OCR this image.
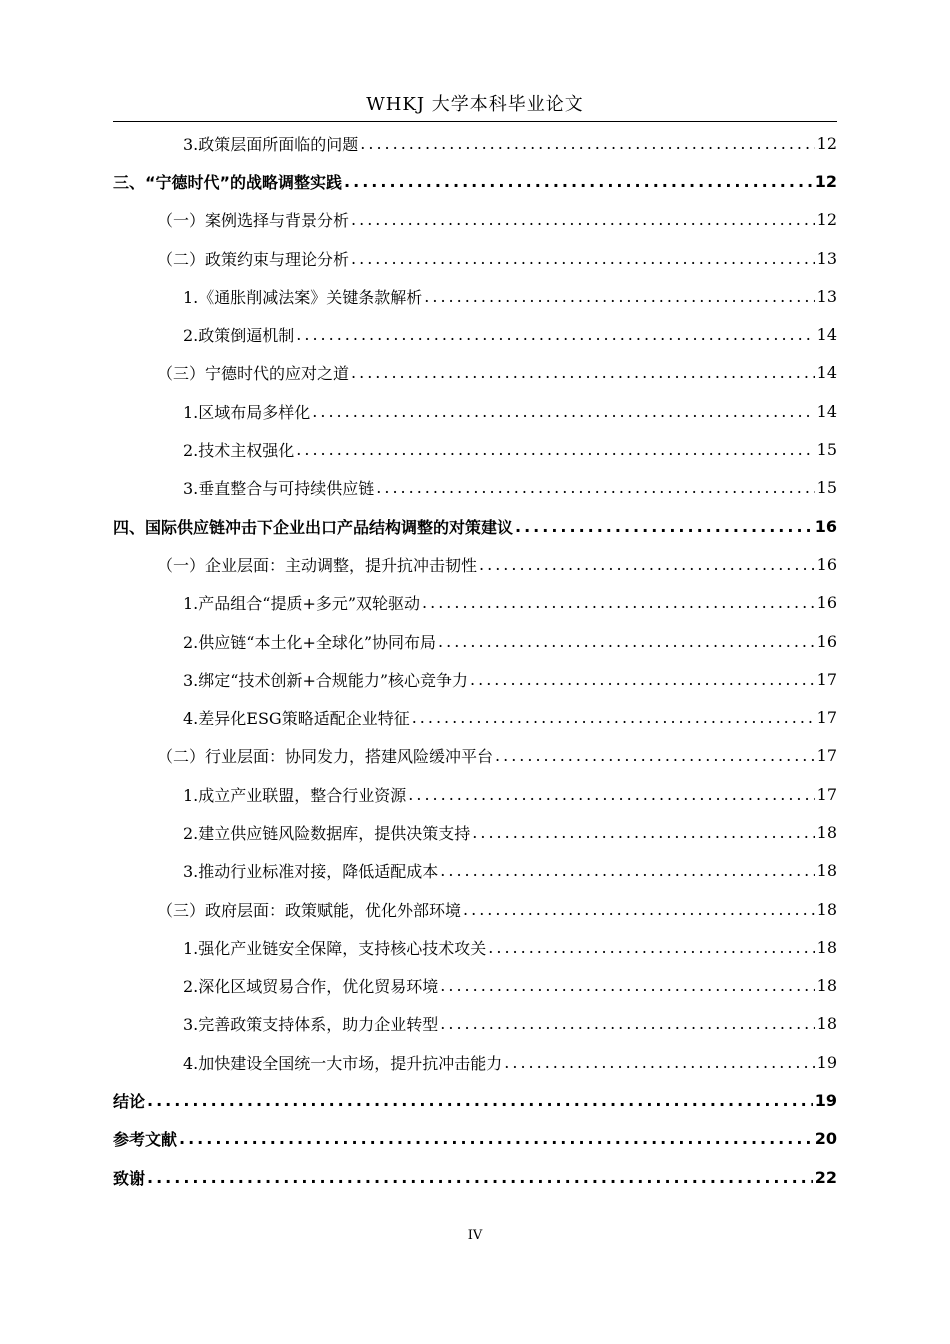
WHKJ 大学本科毕业论文
3.政策层面所面临的问题 .....	12
三、“宁德时代”的战略调整实践 .....	12
（一）案例选择与背景分析 .....	12
（二）政策约束与理论分析 .....	13
1.《通胀削减法案》关键条款解析 .....	13
2.政策倒逼机制 .....	14
（三）宁德时代的应对之道 .....	14
1.区域布局多样化 .....	14
2.技术主权强化 .....	15
3.垂直整合与可持续供应链 .....	15
四、国际供应链冲击下企业出口产品结构调整的对策建议 .....	16
（一）企业层面：主动调整，提升抗冲击韧性 .....	16
1.产品组合“提质+多元”双轮驱动 .....	16
2.供应链“本土化+全球化”协同布局 .....	16
3.绑定“技术创新+合规能力”核心竞争力 .....	17
4.差异化ESG策略适配企业特征 .....	17
（二）行业层面：协同发力，搭建风险缓冲平台 .....	17
1.成立产业联盟，整合行业资源 .....	17
2.建立供应链风险数据库，提供决策支持 .....	18
3.推动行业标准对接，降低适配成本 .....	18
（三）政府层面：政策赋能，优化外部环境 .....	18
1.强化产业链安全保障，支持核心技术攻关 .....	18
2.深化区域贸易合作，优化贸易环境 .....	18
3.完善政策支持体系，助力企业转型 .....	18
4.加快建设全国统一大市场，提升抗冲击能力 .....	19
结论 .....	19
参考文献 .....	20
致谢 .....	22
IV
